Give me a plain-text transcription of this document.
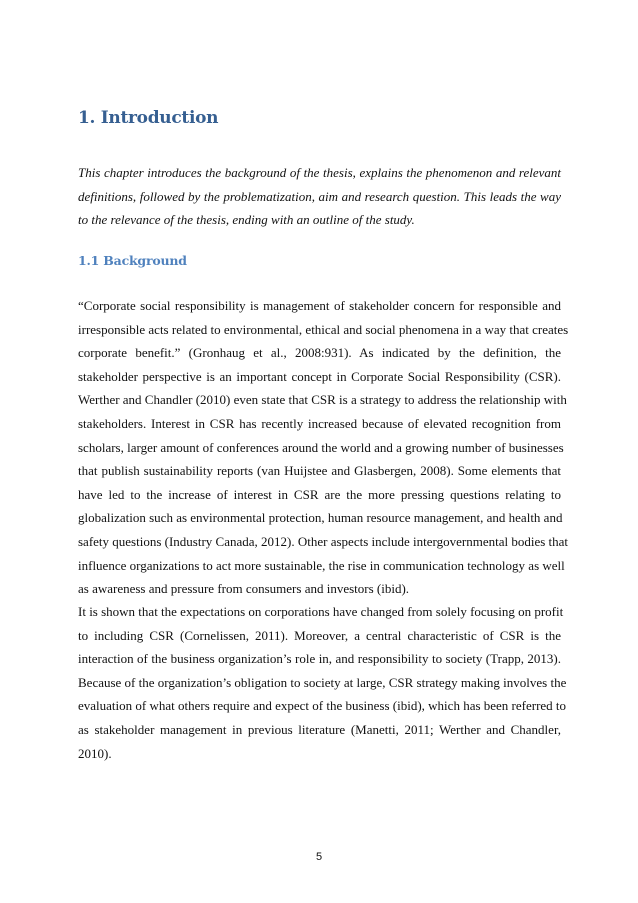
1. Introduction
This chapter introduces the background of the thesis, explains the phenomenon and relevant
definitions, followed by the problematization, aim and research question. This leads the way
to the relevance of the thesis, ending with an outline of the study.
1.1 Background
“Corporate social responsibility is management of stakeholder concern for responsible and
irresponsible acts related to environmental, ethical and social phenomena in a way that creates
corporate benefit.” (Gronhaug et al., 2008:931). As indicated by the definition, the
stakeholder perspective is an important concept in Corporate Social Responsibility (CSR).
Werther and Chandler (2010) even state that CSR is a strategy to address the relationship with
stakeholders. Interest in CSR has recently increased because of elevated recognition from
scholars, larger amount of conferences around the world and a growing number of businesses
that publish sustainability reports (van Huijstee and Glasbergen, 2008). Some elements that
have led to the increase of interest in CSR are the more pressing questions relating to
globalization such as environmental protection, human resource management, and health and
safety questions (Industry Canada, 2012). Other aspects include intergovernmental bodies that
influence organizations to act more sustainable, the rise in communication technology as well
as awareness and pressure from consumers and investors (ibid).
It is shown that the expectations on corporations have changed from solely focusing on profit
to including CSR (Cornelissen, 2011). Moreover, a central characteristic of CSR is the
interaction of the business organization’s role in, and responsibility to society (Trapp, 2013).
Because of the organization’s obligation to society at large, CSR strategy making involves the
evaluation of what others require and expect of the business (ibid), which has been referred to
as stakeholder management in previous literature (Manetti, 2011; Werther and Chandler,
2010).
5
